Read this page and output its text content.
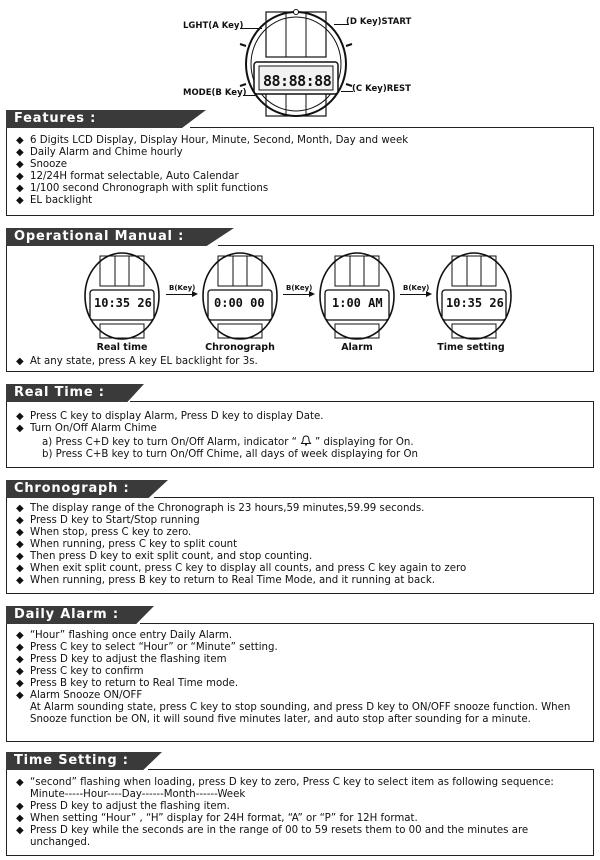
88:88:88
LGHT(A Key)	(D Key)START
MODE(B Key)	(C Key)REST
Features :
◆ 6 Digits LCD Display, Display Hour, Minute, Second, Month, Day and week
◆ Daily Alarm and Chime hourly
◆ Snooze
◆ 12/24H format selectable, Auto Calendar
◆ 1/100 second Chronograph with split functions
◆ EL backlight
Operational Manual :
10:35 26
Real time
B(Key)
0:00 00
Chronograph
B(Key)
1:00 AM
Alarm
B(Key)
10:35 26
Time setting
◆ At any state, press A key EL backlight for 3s.
Real Time :
◆ Press C key to display Alarm, Press D key to display Date.
◆ Turn On/Off Alarm Chime
a) Press C+D key to turn On/Off Alarm, indicator “ ” displaying for On.
b) Press C+B key to turn On/Off Chime, all days of week displaying for On
Chronograph :
◆ The display range of the Chronograph is 23 hours,59 minutes,59.99 seconds.
◆ Press D key to Start/Stop running
◆ When stop, press C key to zero.
◆ When running, press C key to split count
◆ Then press D key to exit split count, and stop counting.
◆ When exit split count, press C key to display all counts, and press C key again to zero
◆ When running, press B key to return to Real Time Mode, and it running at back.
Daily Alarm :
◆ “Hour” flashing once entry Daily Alarm.
◆ Press C key to select “Hour” or “Minute” setting.
◆ Press D key to adjust the flashing item
◆ Press C key to confirm
◆ Press B key to return to Real Time mode.
◆ Alarm Snooze ON/OFF
At Alarm sounding state, press C key to stop sounding, and press D key to ON/OFF snooze function. When Snooze function be ON, it will sound five minutes later, and auto stop after sounding for a minute.
Time Setting :
◆ “second” flashing when loading, press D key to zero, Press C key to select item as following sequence: Minute-----Hour----Day------Month------Week
◆ Press D key to adjust the flashing item.
◆ When setting “Hour” , “H” display for 24H format, “A” or “P” for 12H format.
◆ Press D key while the seconds are in the range of 00 to 59 resets them to 00 and the minutes are unchanged.
